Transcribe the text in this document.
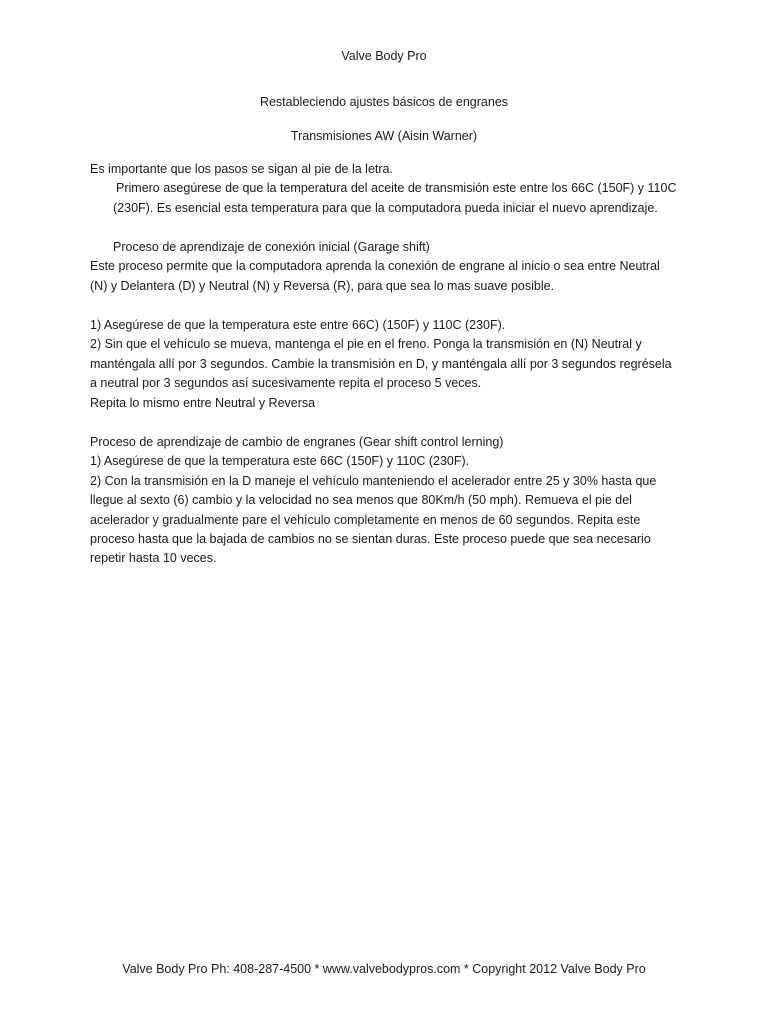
Valve Body Pro
Restableciendo ajustes básicos de engranes
Transmisiones AW (Aisin Warner)
Es importante que los pasos se sigan al pie de la letra.
Primero asegúrese de que la temperatura del aceite de transmisión este entre los 66C (150F) y 110C
(230F). Es esencial esta temperatura para que la computadora pueda iniciar el nuevo aprendizaje.
Proceso de aprendizaje de conexión inicial (Garage shift)
Este proceso permite que la computadora aprenda la conexión de engrane al inicio o sea entre Neutral
(N) y Delantera (D) y Neutral (N) y Reversa (R), para que sea lo mas suave posible.
1) Asegúrese de que la temperatura este entre 66C) (150F) y 110C (230F).
2) Sin que el vehículo se mueva, mantenga el pie en el freno. Ponga la transmisión en (N) Neutral y
manténgala allí por 3 segundos. Cambie la transmisión en D, y manténgala allí por 3 segundos regrésela
a neutral por 3 segundos así sucesivamente repita el proceso 5 veces.
Repita lo mismo entre Neutral y Reversa
Proceso de aprendizaje de cambio de engranes (Gear shift control lerning)
1) Asegúrese de que la temperatura este 66C (150F) y 110C (230F).
2) Con la transmisión en la D maneje el vehículo manteniendo el acelerador entre 25 y 30% hasta que
llegue al sexto (6) cambio y la velocidad no sea menos que 80Km/h (50 mph). Remueva el pie del
acelerador y gradualmente pare el vehículo completamente en menos de 60 segundos. Repita este
proceso hasta que la bajada de cambios no se sientan duras. Este proceso puede que sea necesario
repetir hasta 10 veces.
Valve Body Pro Ph: 408-287-4500 * www.valvebodypros.com * Copyright 2012 Valve Body Pro
